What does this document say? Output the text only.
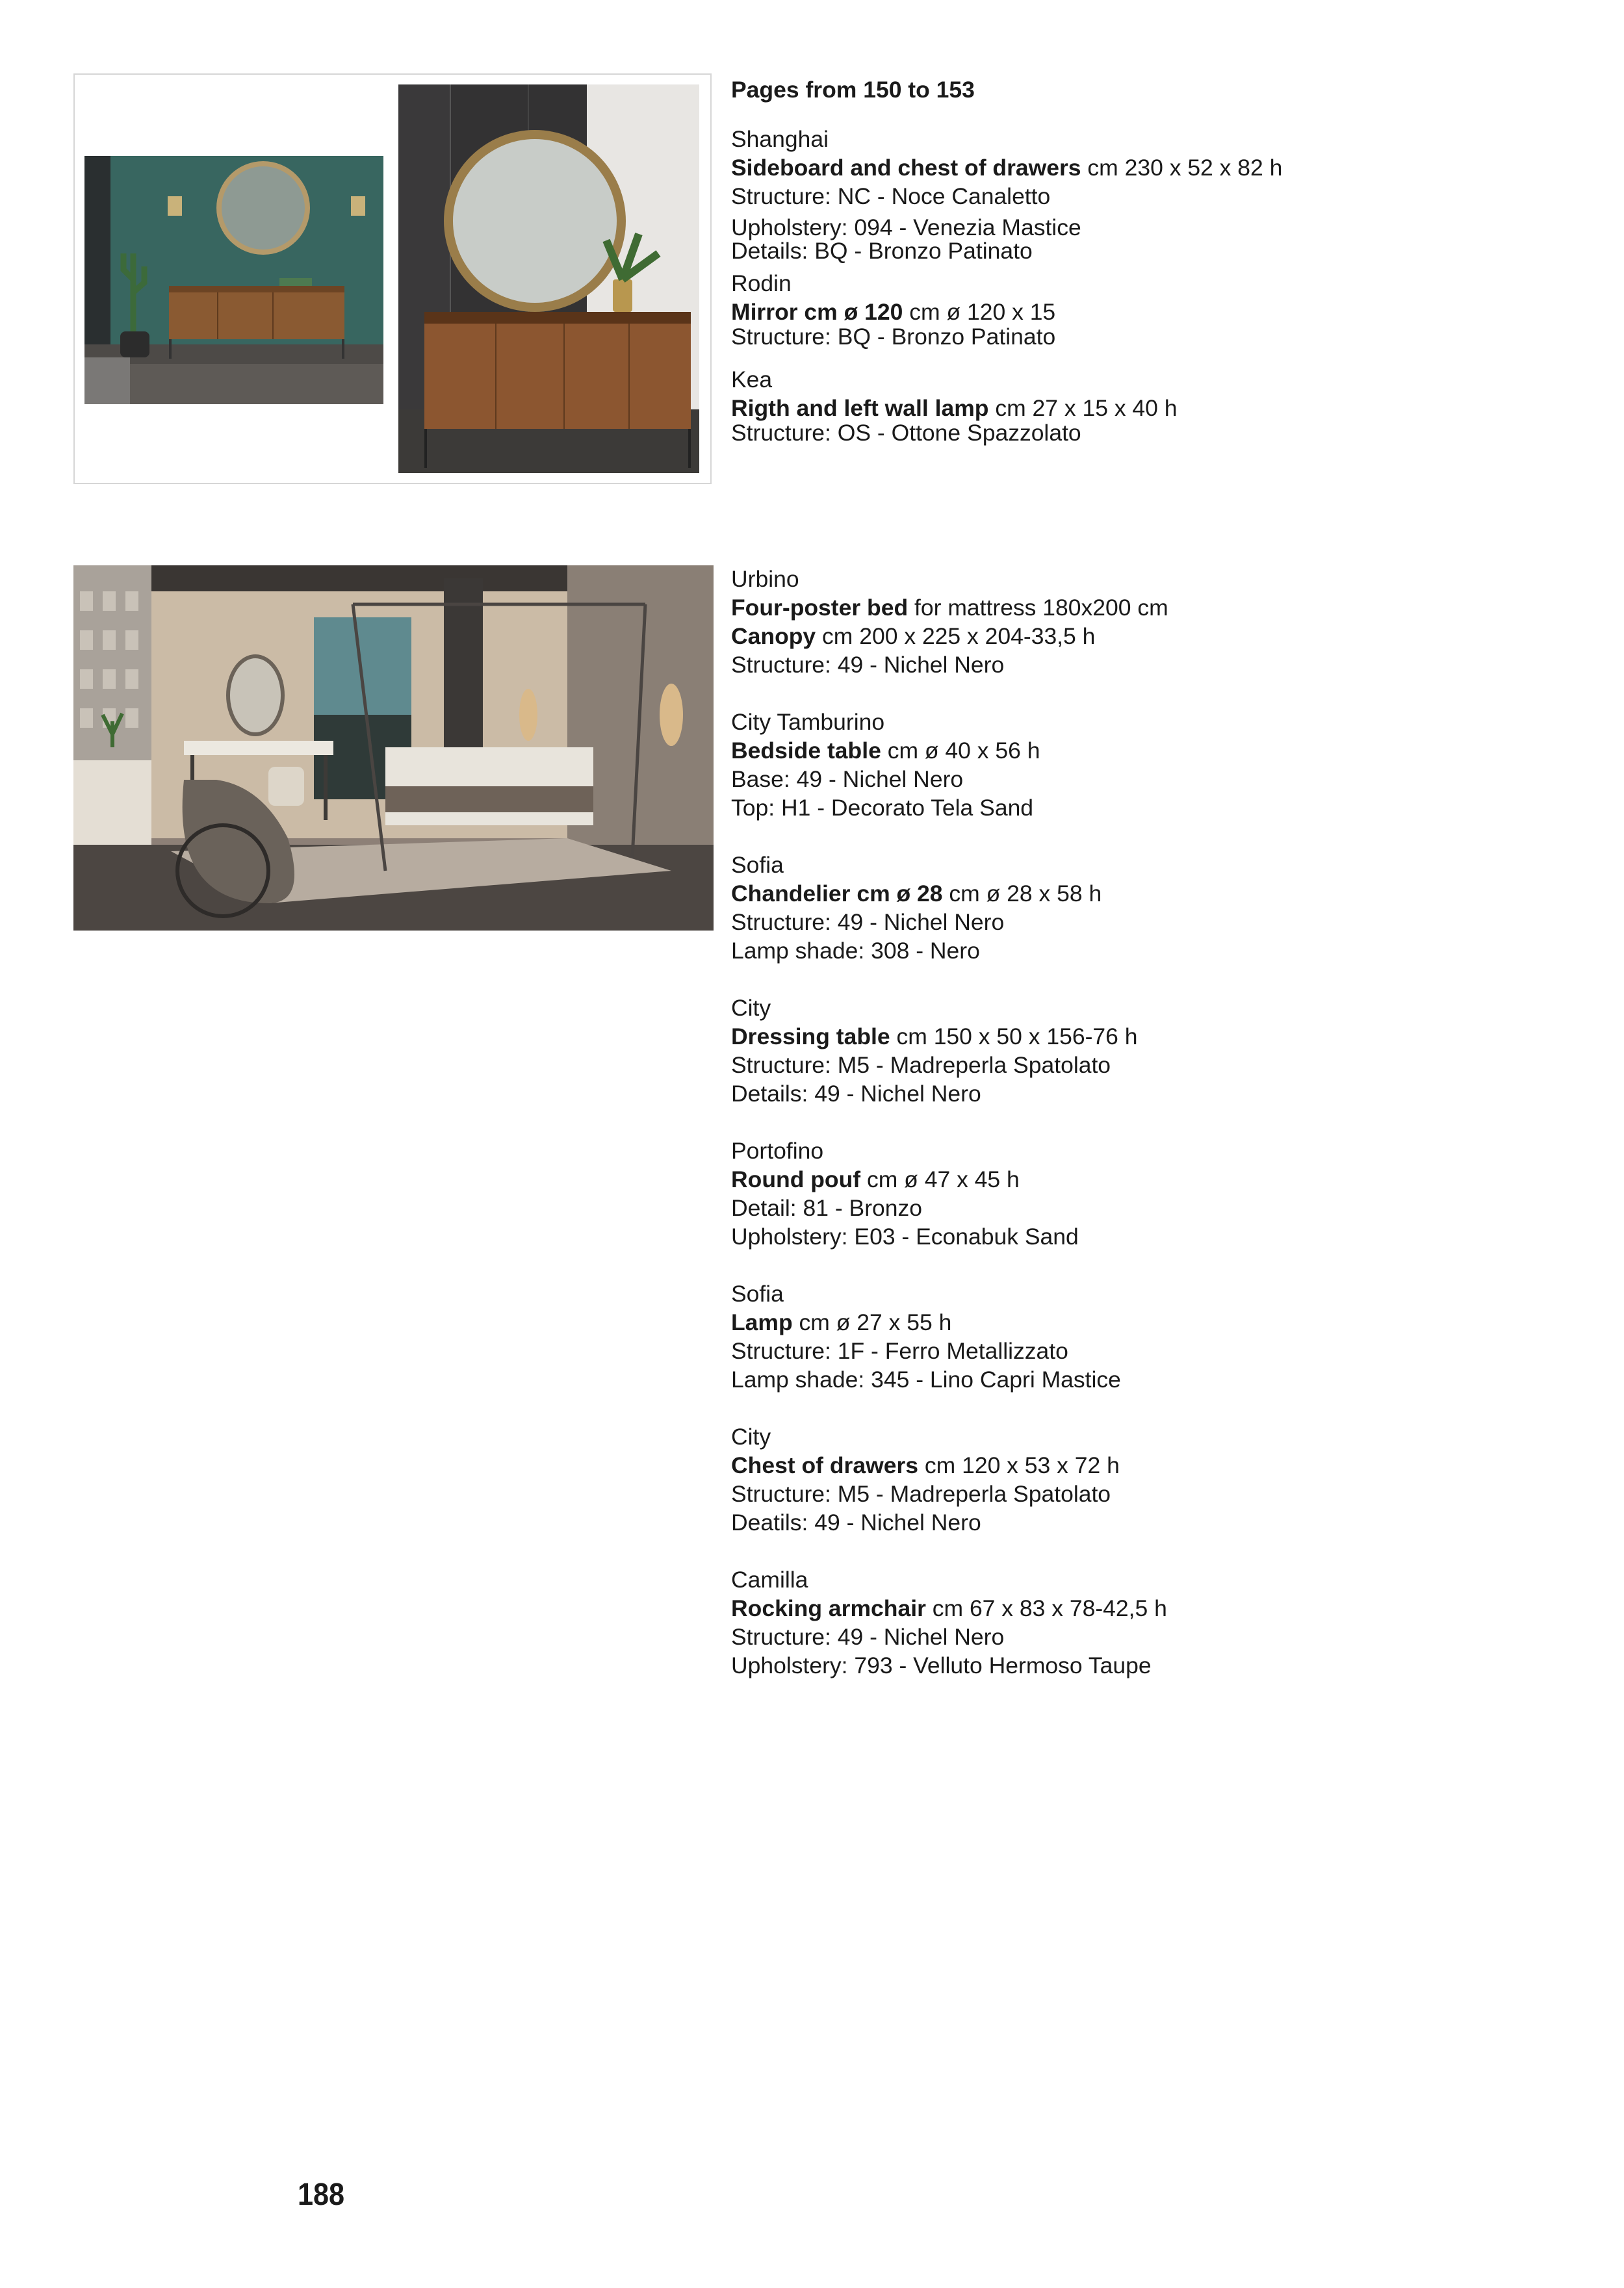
Pages from 150 to 153

Shanghai

Sideboard and chest of drawers cm 230 x 52 x 82 h

Structure: NC - Noce Canaletto

Upholstery: 094 - Venezia Mastice

Details: BQ - Bronzo Patinato

Rodin

Mirror cm ø 120 cm ø 120 x 15

Structure: BQ - Bronzo Patinato

Kea

Rigth and left wall lamp cm 27 x 15 x 40 h

Structure: OS - Ottone Spazzolato

Urbino

Four-poster bed for mattress 180x200 cm

Canopy cm 200 x 225 x 204-33,5 h

Structure: 49 - Nichel Nero

City Tamburino

Bedside table cm ø 40 x 56 h

Base: 49 - Nichel Nero

Top: H1 - Decorato Tela Sand

Sofia

Chandelier cm ø 28 cm ø 28 x 58 h

Structure: 49 - Nichel Nero

Lamp shade: 308 - Nero

City

Dressing table cm 150 x 50 x 156-76 h

Structure: M5 - Madreperla Spatolato

Details: 49 - Nichel Nero

Portofino

Round pouf cm ø 47 x 45 h

Detail: 81 - Bronzo

Upholstery: E03 - Econabuk Sand

Sofia

Lamp cm ø 27 x 55 h

Structure: 1F - Ferro Metallizzato

Lamp shade: 345 - Lino Capri Mastice

City

Chest of drawers cm 120 x 53 x 72 h

Structure: M5 - Madreperla Spatolato

Deatils: 49 - Nichel Nero

Camilla

Rocking armchair cm 67 x 83 x 78-42,5 h

Structure: 49 - Nichel Nero

Upholstery: 793 - Velluto Hermoso Taupe

188
